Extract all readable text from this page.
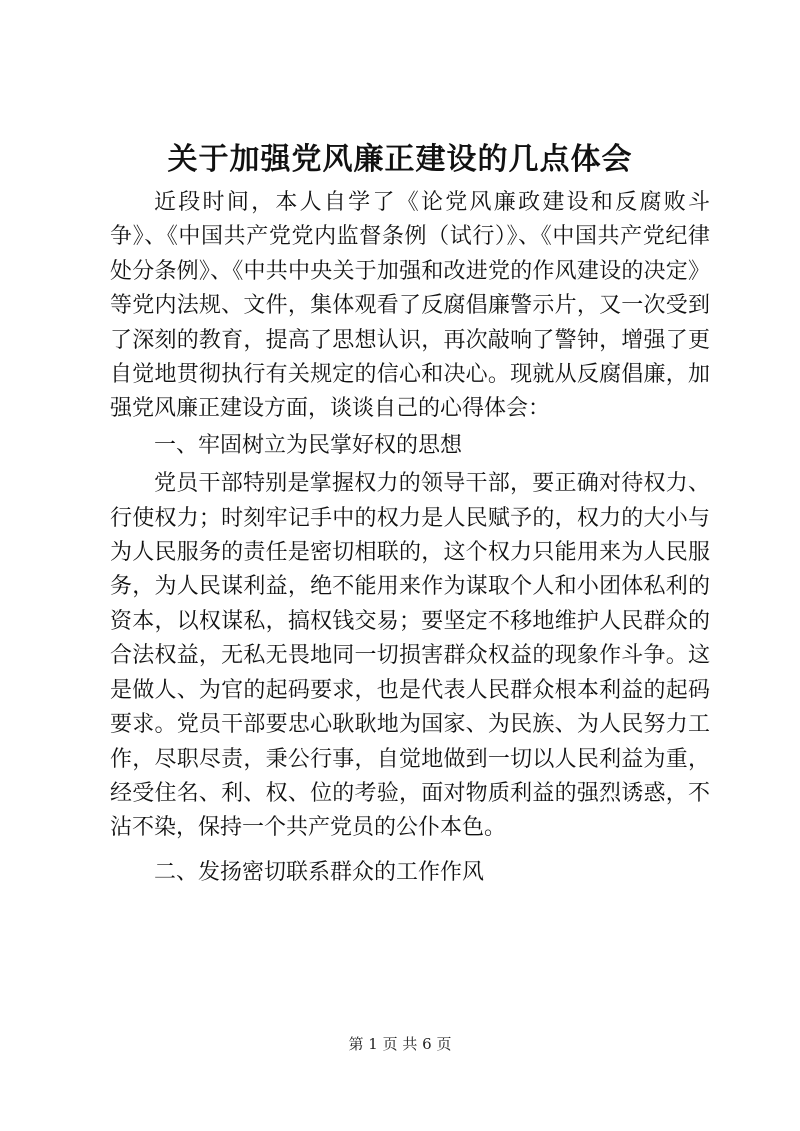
关于加强党风廉正建设的几点体会

近段时间，本人自学了《论党风廉政建设和反腐败斗争》、《中国共产党党内监督条例（试行）》、《中国共产党纪律处分条例》、《中共中央关于加强和改进党的作风建设的决定》等党内法规、文件，集体观看了反腐倡廉警示片，又一次受到了深刻的教育，提高了思想认识，再次敲响了警钟，增强了更自觉地贯彻执行有关规定的信心和决心。现就从反腐倡廉，加强党风廉正建设方面，谈谈自己的心得体会：

一、牢固树立为民掌好权的思想

党员干部特别是掌握权力的领导干部，要正确对待权力、行使权力；时刻牢记手中的权力是人民赋予的，权力的大小与为人民服务的责任是密切相联的，这个权力只能用来为人民服务，为人民谋利益，绝不能用来作为谋取个人和小团体私利的资本，以权谋私，搞权钱交易；要坚定不移地维护人民群众的合法权益，无私无畏地同一切损害群众权益的现象作斗争。这是做人、为官的起码要求，也是代表人民群众根本利益的起码要求。党员干部要忠心耿耿地为国家、为民族、为人民努力工作，尽职尽责，秉公行事，自觉地做到一切以人民利益为重，经受住名、利、权、位的考验，面对物质利益的强烈诱惑，不沾不染，保持一个共产党员的公仆本色。

二、发扬密切联系群众的工作作风

第 1 页 共 6 页
